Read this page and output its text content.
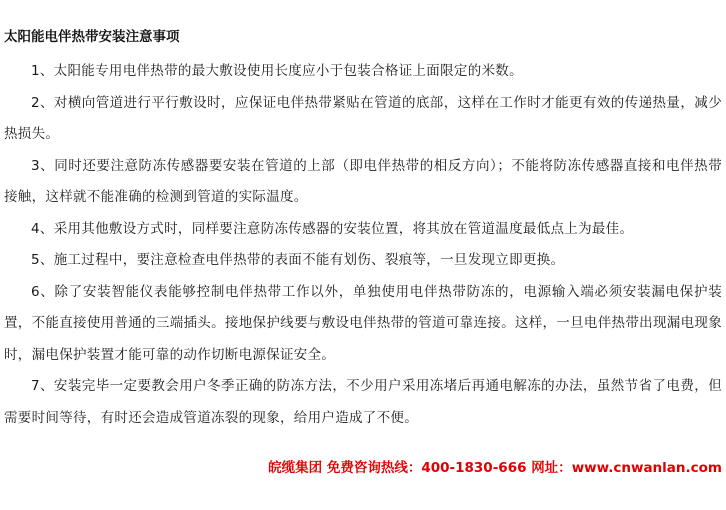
太阳能电伴热带安装注意事项

1、太阳能专用电伴热带的最大敷设使用长度应小于包装合格证上面限定的米数。

2、对横向管道进行平行敷设时，应保证电伴热带紧贴在管道的底部，这样在工作时才能更有效的传递热量，减少热损失。

3、同时还要注意防冻传感器要安装在管道的上部（即电伴热带的相反方向）；不能将防冻传感器直接和电伴热带接触，这样就不能准确的检测到管道的实际温度。

4、采用其他敷设方式时，同样要注意防冻传感器的安装位置，将其放在管道温度最低点上为最佳。

5、施工过程中，要注意检查电伴热带的表面不能有划伤、裂痕等，一旦发现立即更换。

6、除了安装智能仪表能够控制电伴热带工作以外，单独使用电伴热带防冻的，电源输入端必须安装漏电保护装置，不能直接使用普通的三端插头。接地保护线要与敷设电伴热带的管道可靠连接。这样，一旦电伴热带出现漏电现象时，漏电保护装置才能可靠的动作切断电源保证安全。

7、安装完毕一定要教会用户冬季正确的防冻方法，不少用户采用冻堵后再通电解冻的办法，虽然节省了电费，但需要时间等待，有时还会造成管道冻裂的现象，给用户造成了不便。

皖缆集团 免费咨询热线：400-1830-666 网址：www.cnwanlan.com
